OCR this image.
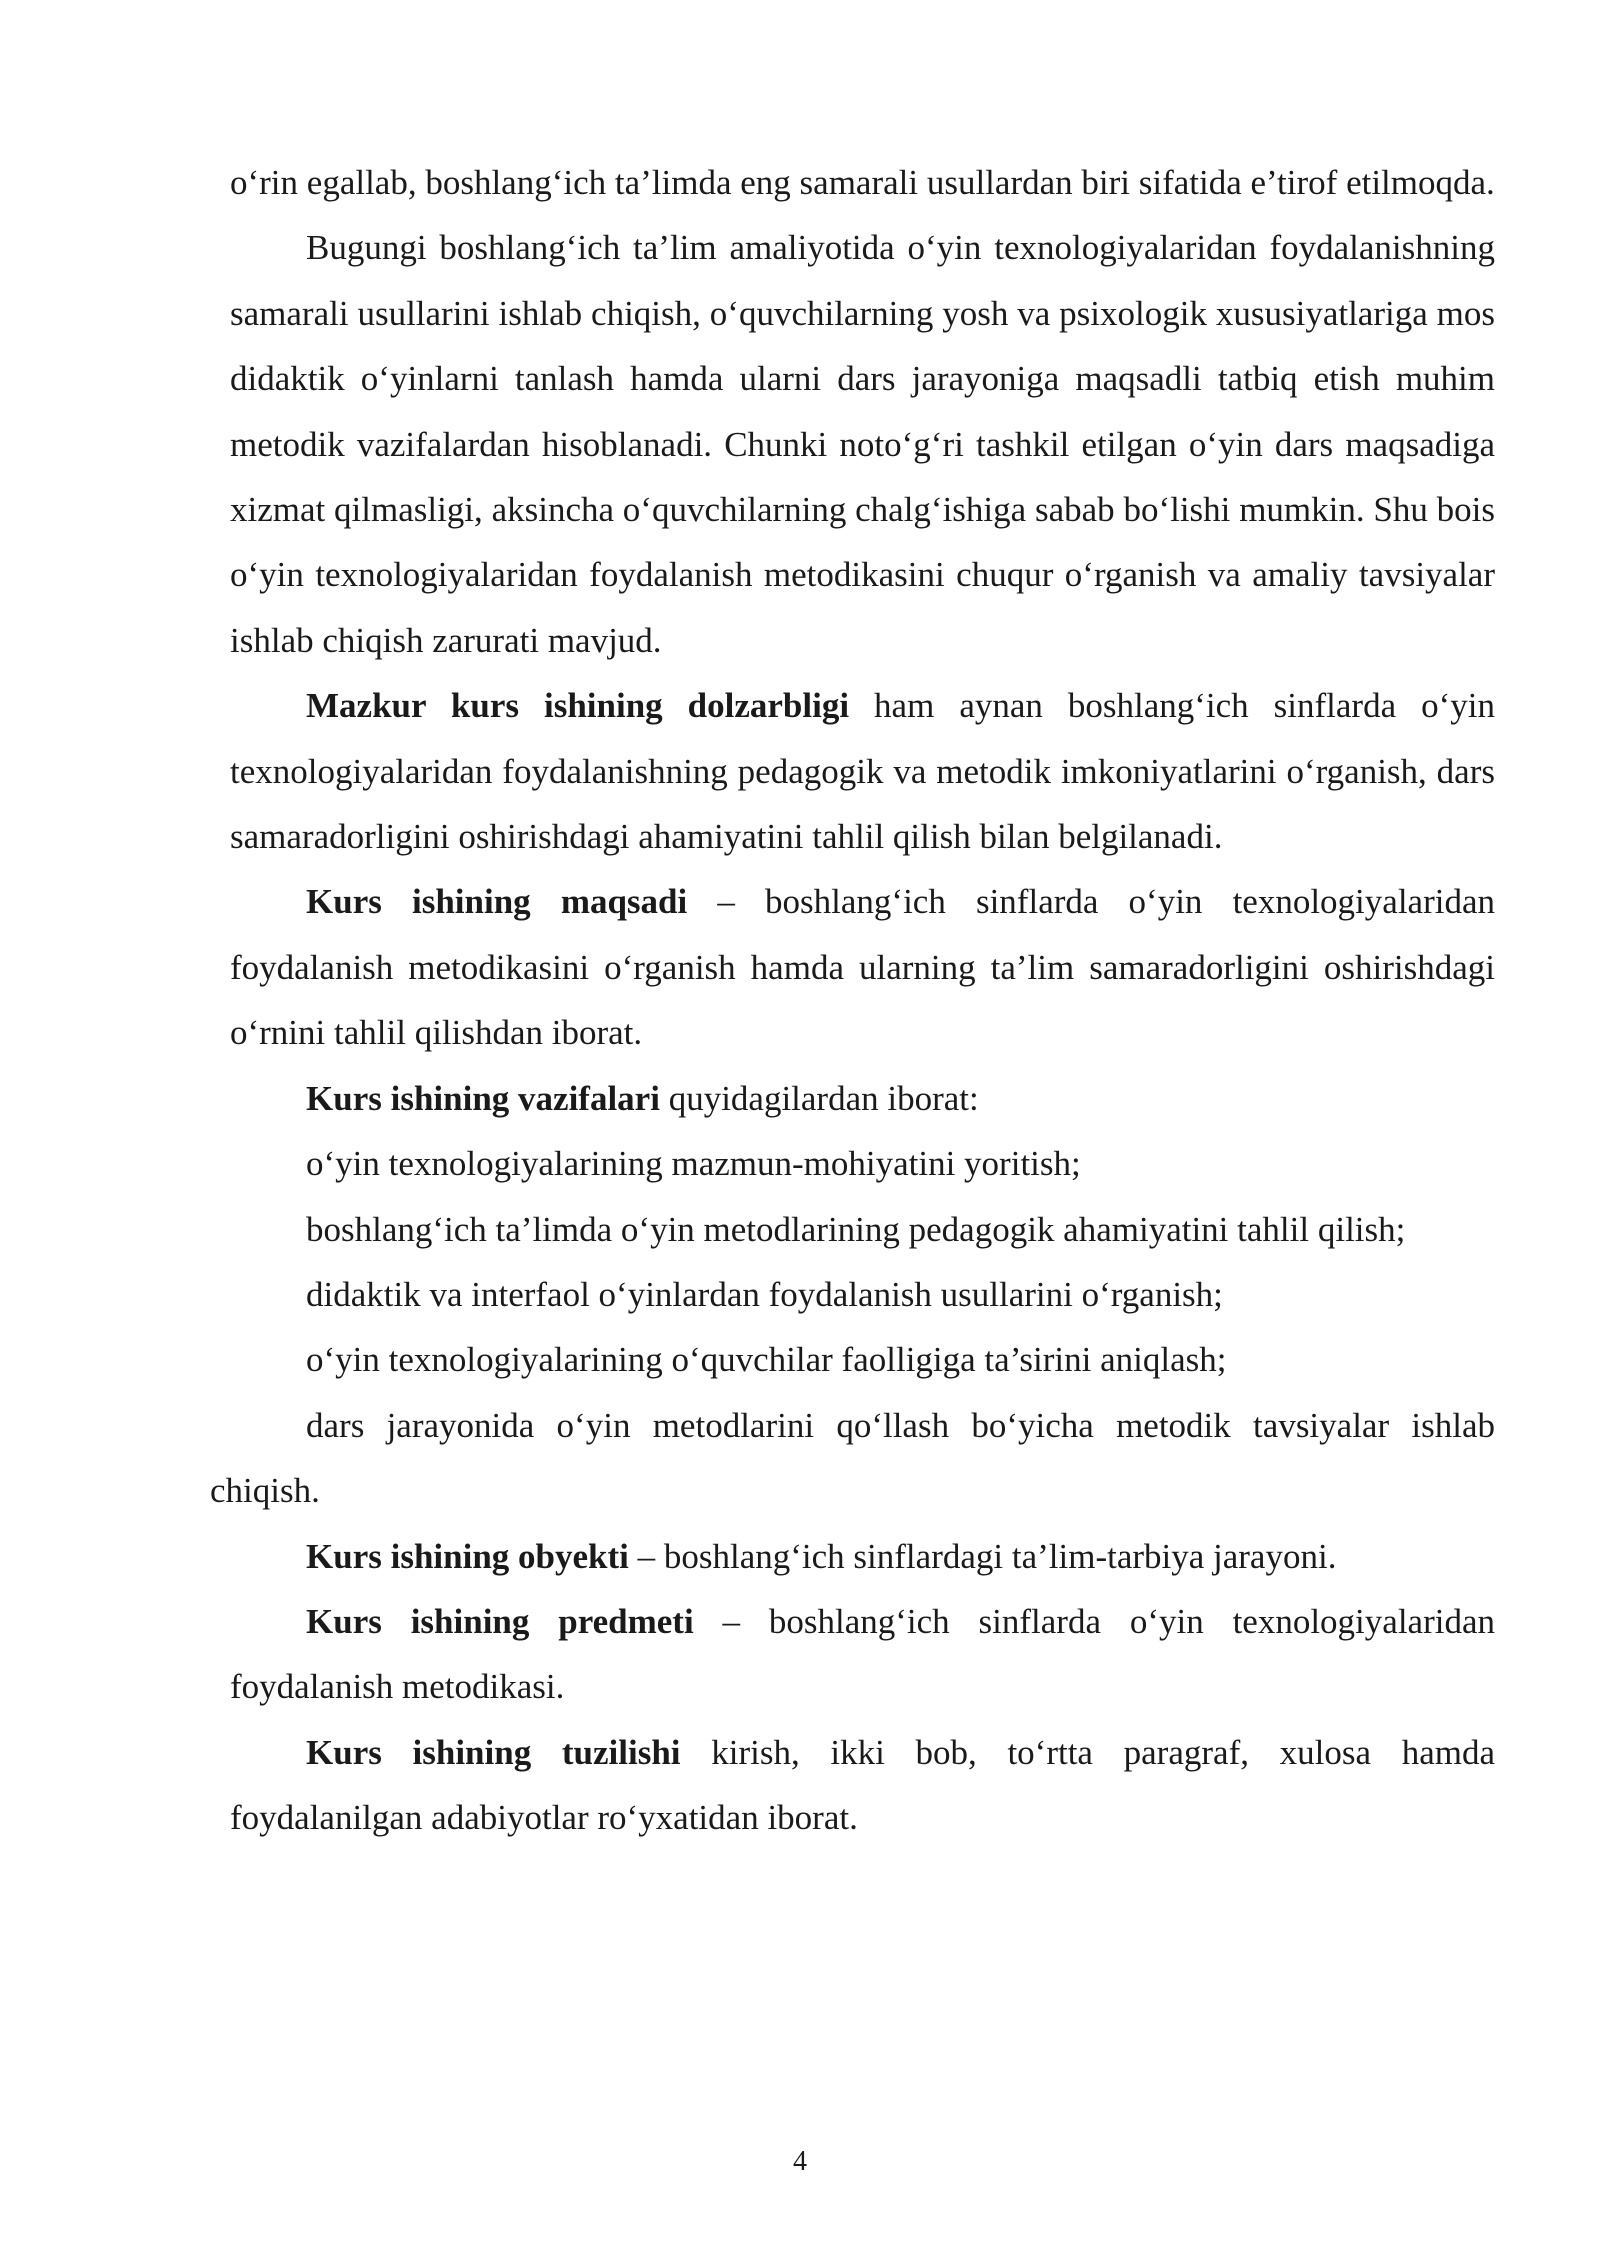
o‘rin egallab, boshlang‘ich ta’limda eng samarali usullardan biri sifatida e’tirof etilmoqda.

Bugungi boshlang‘ich ta’lim amaliyotida o‘yin texnologiyalaridan foydalanishning samarali usullarini ishlab chiqish, o‘quvchilarning yosh va psixologik xususiyatlariga mos didaktik o‘yinlarni tanlash hamda ularni dars jarayoniga maqsadli tatbiq etish muhim metodik vazifalardan hisoblanadi. Chunki noto‘g‘ri tashkil etilgan o‘yin dars maqsadiga xizmat qilmasligi, aksincha o‘quvchilarning chalg‘ishiga sabab bo‘lishi mumkin. Shu bois o‘yin texnologiyalaridan foydalanish metodikasini chuqur o‘rganish va amaliy tavsiyalar ishlab chiqish zarurati mavjud.

Mazkur kurs ishining dolzarbligi ham aynan boshlang‘ich sinflarda o‘yin texnologiyalaridan foydalanishning pedagogik va metodik imkoniyatlarini o‘rganish, dars samaradorligini oshirishdagi ahamiyatini tahlil qilish bilan belgilanadi.

Kurs ishining maqsadi – boshlang‘ich sinflarda o‘yin texnologiyalaridan foydalanish metodikasini o‘rganish hamda ularning ta’lim samaradorligini oshirishdagi o‘rnini tahlil qilishdan iborat.

Kurs ishining vazifalari quyidagilardan iborat:

o‘yin texnologiyalarining mazmun-mohiyatini yoritish;

boshlang‘ich ta’limda o‘yin metodlarining pedagogik ahamiyatini tahlil qilish;

didaktik va interfaol o‘yinlardan foydalanish usullarini o‘rganish;

o‘yin texnologiyalarining o‘quvchilar faolligiga ta’sirini aniqlash;

dars jarayonida o‘yin metodlarini qo‘llash bo‘yicha metodik tavsiyalar ishlab chiqish.

Kurs ishining obyekti – boshlang‘ich sinflardagi ta’lim-tarbiya jarayoni.

Kurs ishining predmeti – boshlang‘ich sinflarda o‘yin texnologiyalaridan foydalanish metodikasi.

Kurs ishining tuzilishi kirish, ikki bob, to‘rtta paragraf, xulosa hamda foydalanilgan adabiyotlar ro‘yxatidan iborat.

4
